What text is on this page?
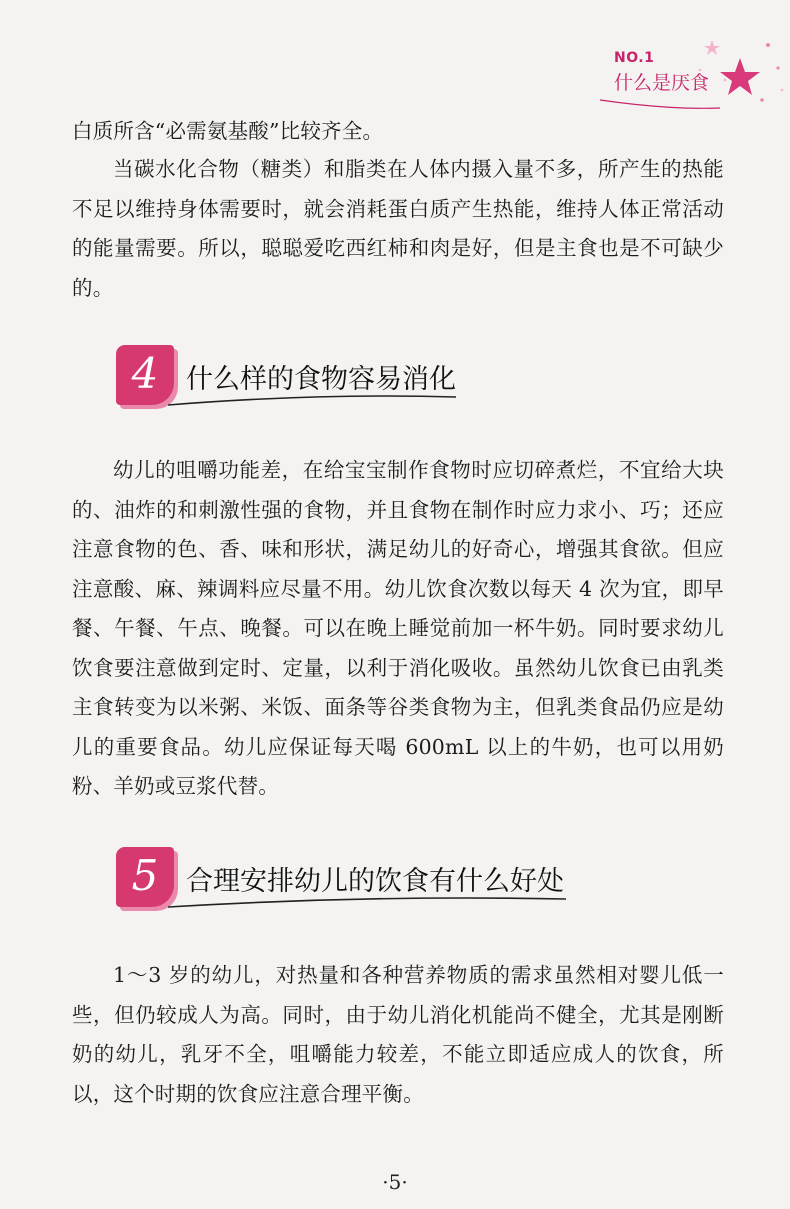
NO.1
什么是厌食
白质所含“必需氨基酸”比较齐全。
当碳水化合物（糖类）和脂类在人体内摄入量不多，所产生的热能不足以维持身体需要时，就会消耗蛋白质产生热能，维持人体正常活动的能量需要。所以，聪聪爱吃西红柿和肉是好，但是主食也是不可缺少的。
4	什么样的食物容易消化
幼儿的咀嚼功能差，在给宝宝制作食物时应切碎煮烂，不宜给大块的、油炸的和刺激性强的食物，并且食物在制作时应力求小、巧；还应注意食物的色、香、味和形状，满足幼儿的好奇心，增强其食欲。但应注意酸、麻、辣调料应尽量不用。幼儿饮食次数以每天 4 次为宜，即早餐、午餐、午点、晚餐。可以在晚上睡觉前加一杯牛奶。同时要求幼儿饮食要注意做到定时、定量，以利于消化吸收。虽然幼儿饮食已由乳类主食转变为以米粥、米饭、面条等谷类食物为主，但乳类食品仍应是幼儿的重要食品。幼儿应保证每天喝 600mL 以上的牛奶，也可以用奶粉、羊奶或豆浆代替。
5	合理安排幼儿的饮食有什么好处
1～3 岁的幼儿，对热量和各种营养物质的需求虽然相对婴儿低一些，但仍较成人为高。同时，由于幼儿消化机能尚不健全，尤其是刚断奶的幼儿，乳牙不全，咀嚼能力较差，不能立即适应成人的饮食，所以，这个时期的饮食应注意合理平衡。
·5·
